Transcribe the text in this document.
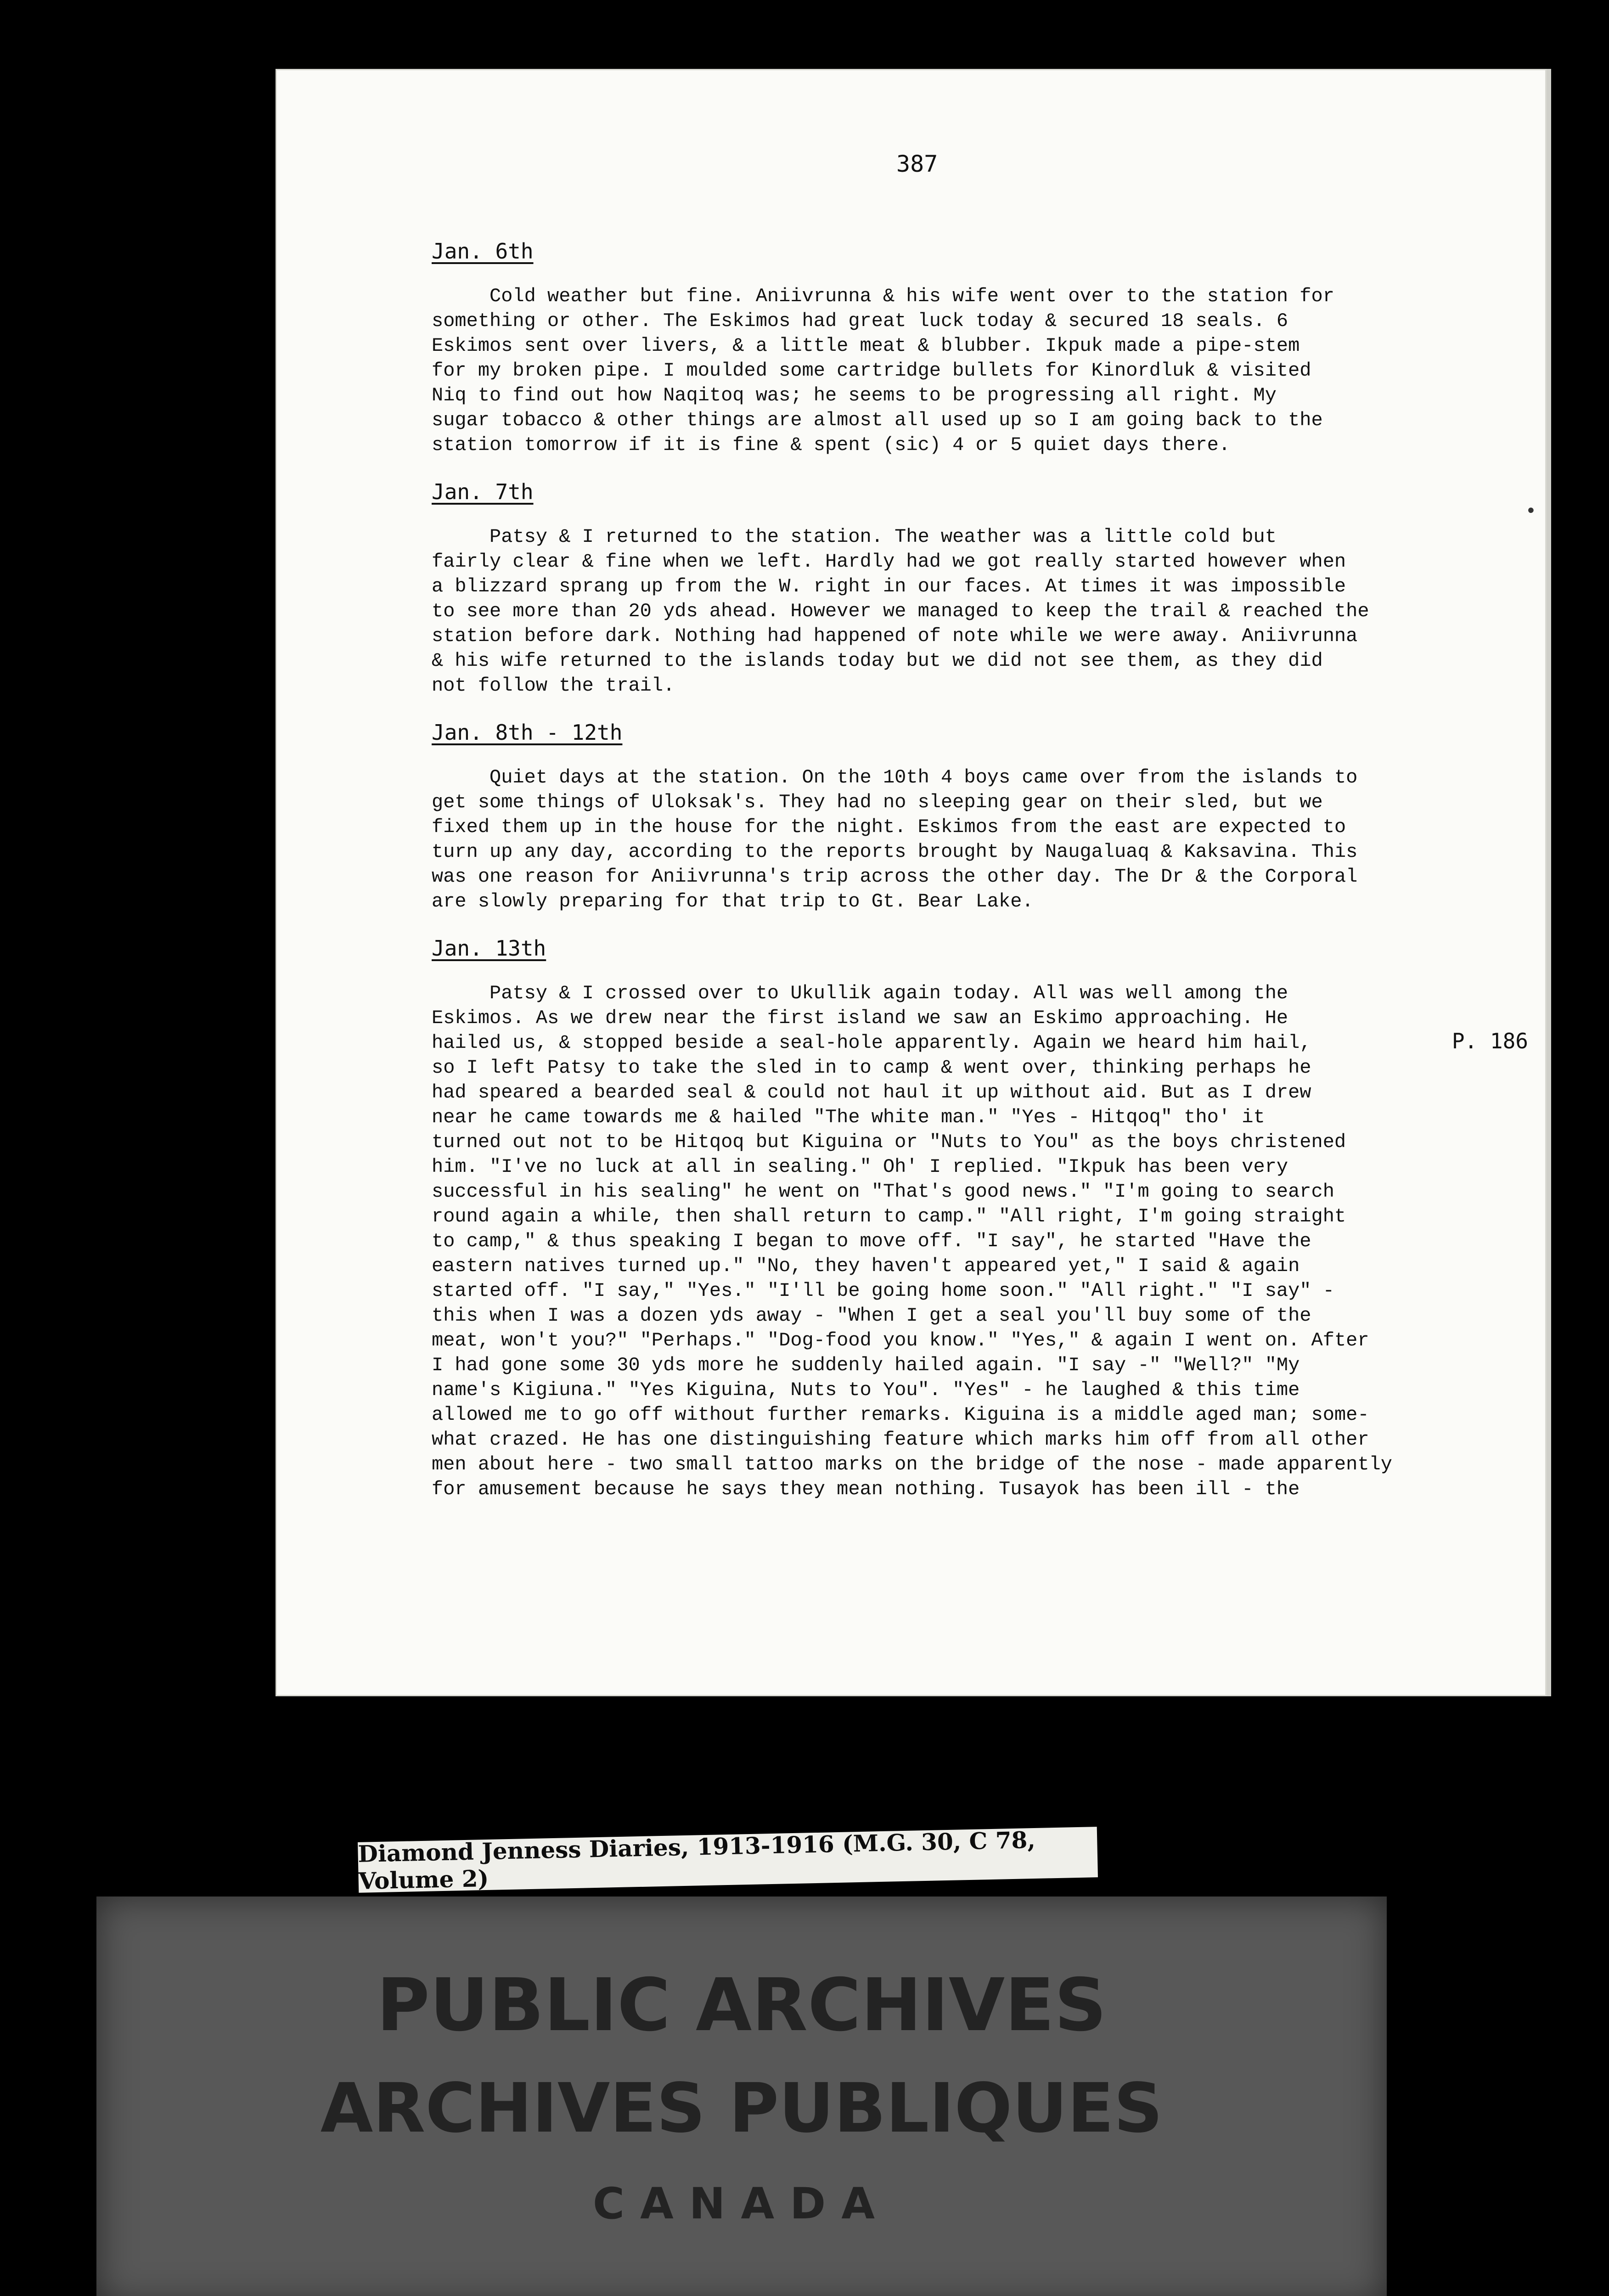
387
•
Jan. 6th
Cold weather but fine. Aniivrunna & his wife went over to the station for
something or other. The Eskimos had great luck today & secured 18 seals. 6
Eskimos sent over livers, & a little meat & blubber. Ikpuk made a pipe-stem
for my broken pipe. I moulded some cartridge bullets for Kinordluk & visited
Niq to find out how Naqitoq was; he seems to be progressing all right. My
sugar tobacco & other things are almost all used up so I am going back to the
station tomorrow if it is fine & spent (sic) 4 or 5 quiet days there.
Jan. 7th
Patsy & I returned to the station. The weather was a little cold but
fairly clear & fine when we left. Hardly had we got really started however when
a blizzard sprang up from the W. right in our faces. At times it was impossible
to see more than 20 yds ahead. However we managed to keep the trail & reached the
station before dark. Nothing had happened of note while we were away. Aniivrunna
& his wife returned to the islands today but we did not see them, as they did
not follow the trail.
Jan. 8th - 12th
Quiet days at the station. On the 10th 4 boys came over from the islands to
get some things of Uloksak's. They had no sleeping gear on their sled, but we
fixed them up in the house for the night. Eskimos from the east are expected to
turn up any day, according to the reports brought by Naugaluaq & Kaksavina. This
was one reason for Aniivrunna's trip across the other day. The Dr & the Corporal
are slowly preparing for that trip to Gt. Bear Lake.
Jan. 13th
Patsy & I crossed over to Ukullik again today. All was well among the
Eskimos. As we drew near the first island we saw an Eskimo approaching. He
hailed us, & stopped beside a seal-hole apparently. Again we heard him hail,
so I left Patsy to take the sled in to camp & went over, thinking perhaps he
had speared a bearded seal & could not haul it up without aid. But as I drew
near he came towards me & hailed "The white man." "Yes - Hitqoq" tho' it
turned out not to be Hitqoq but Kiguina or "Nuts to You" as the boys christened
him. "I've no luck at all in sealing." Oh' I replied. "Ikpuk has been very
successful in his sealing" he went on "That's good news." "I'm going to search
round again a while, then shall return to camp." "All right, I'm going straight
to camp," & thus speaking I began to move off. "I say", he started "Have the
eastern natives turned up." "No, they haven't appeared yet," I said & again
started off. "I say," "Yes." "I'll be going home soon." "All right." "I say" -
this when I was a dozen yds away - "When I get a seal you'll buy some of the
meat, won't you?" "Perhaps." "Dog-food you know." "Yes," & again I went on. After
I had gone some 30 yds more he suddenly hailed again. "I say -" "Well?" "My
name's Kigiuna." "Yes Kiguina, Nuts to You". "Yes" - he laughed & this time
allowed me to go off without further remarks. Kiguina is a middle aged man; some-
what crazed. He has one distinguishing feature which marks him off from all other
men about here - two small tattoo marks on the bridge of the nose - made apparently
for amusement because he says they mean nothing. Tusayok has been ill - the
P. 186
Diamond Jenness Diaries, 1913-1916 (M.G. 30, C 78, Volume 2)
PUBLIC ARCHIVES
ARCHIVES PUBLIQUES
CANADA
